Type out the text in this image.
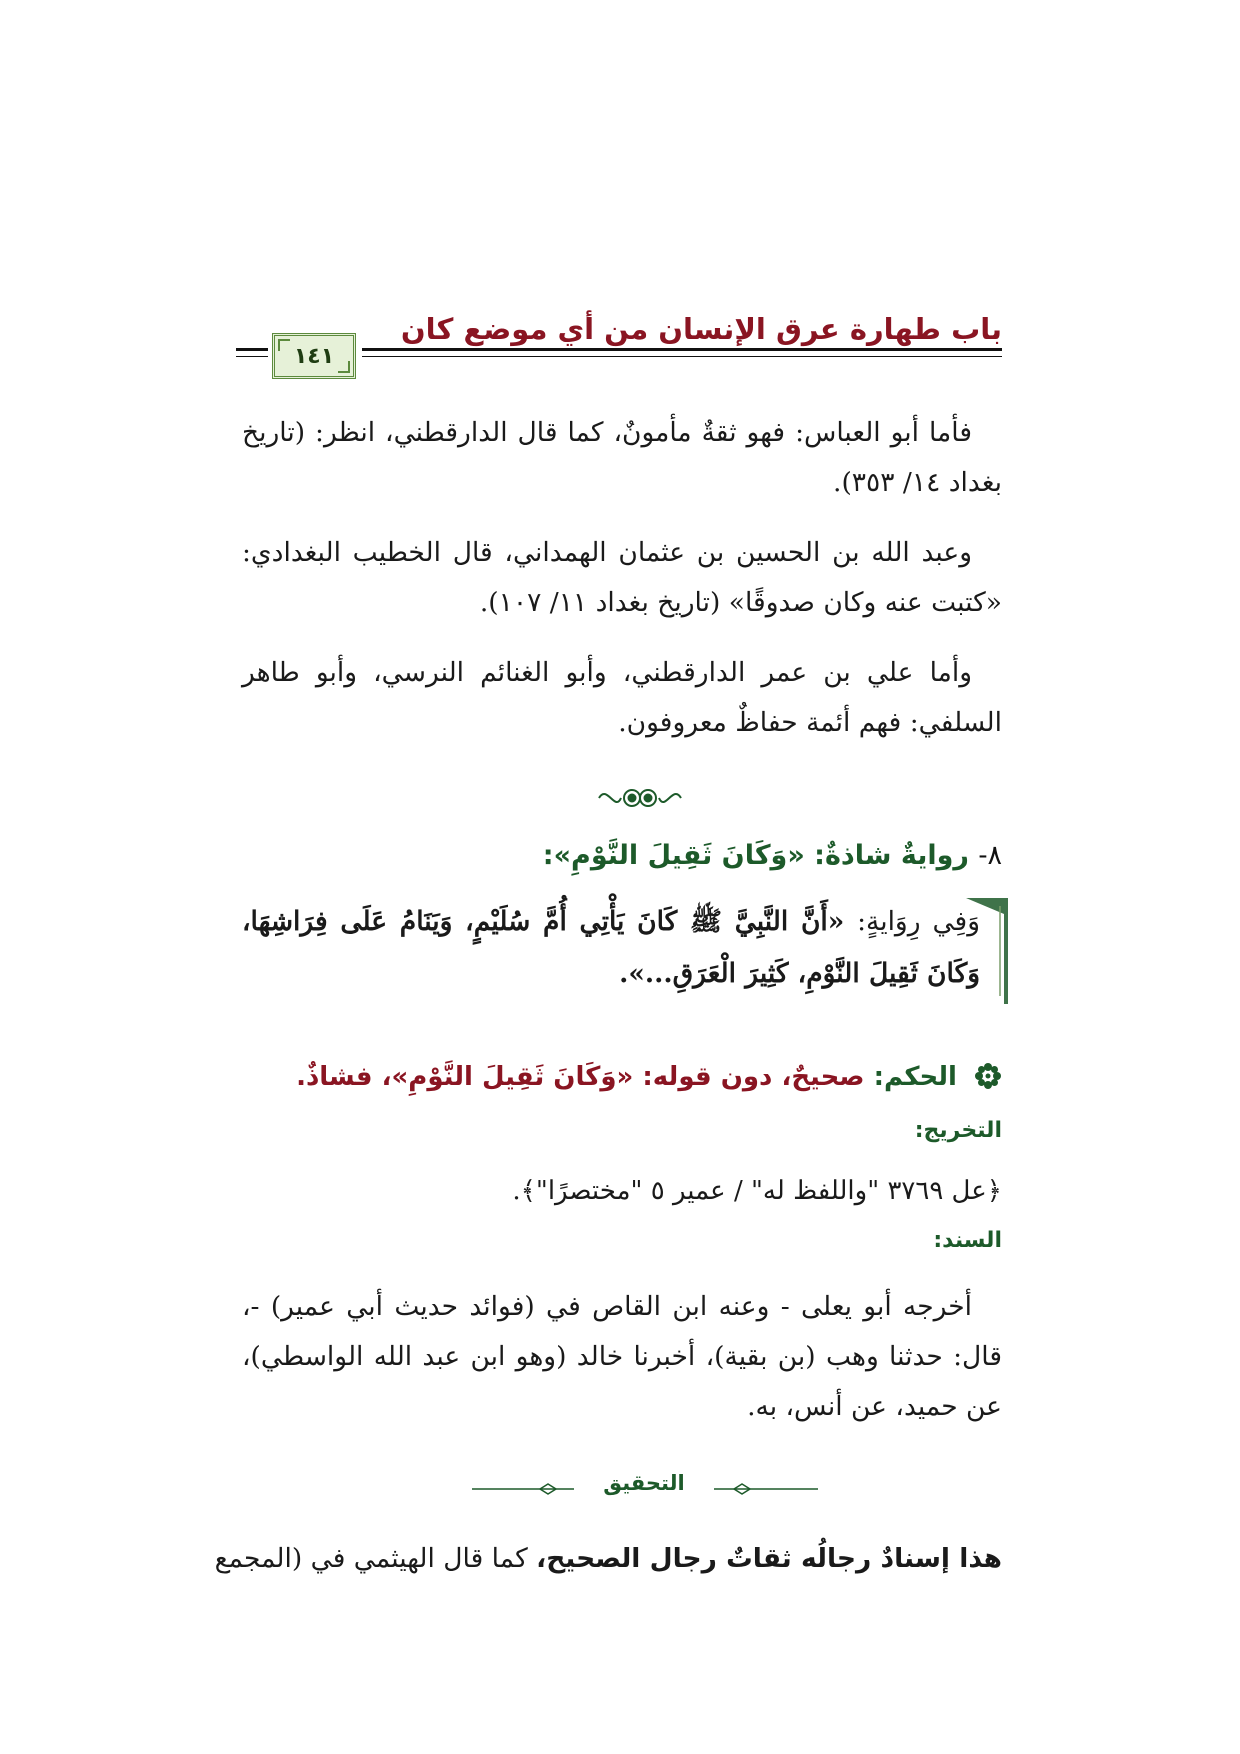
باب طهارة عرق الإنسان من أي موضع كان
١٤١
فأما أبو العباس: فهو ثقةٌ مأمونٌ، كما قال الدارقطني، انظر: (تاريخ بغداد ١٤/ ٣٥٣).
وعبد الله بن الحسين بن عثمان الهمداني، قال الخطيب البغدادي: «كتبت عنه وكان صدوقًا» (تاريخ بغداد ١١/ ١٠٧).
وأما علي بن عمر الدارقطني، وأبو الغنائم النرسي، وأبو طاهر السلفي: فهم أئمة حفاظٌ معروفون.
٨- روايةٌ شاذةٌ: «وَكَانَ ثَقِيلَ النَّوْمِ»:
وَفِي رِوَايةٍ: «أَنَّ النَّبِيَّ ﷺ كَانَ يَأْتِي أُمَّ سُلَيْمٍ، وَيَنَامُ عَلَى فِرَاشِهَا، وَكَانَ ثَقِيلَ النَّوْمِ، كَثِيرَ الْعَرَقِ...».
الحكم: صحيحٌ، دون قوله: «وَكَانَ ثَقِيلَ النَّوْمِ»، فشاذٌ.
التخريج:
﴿عل ٣٧٦٩ "واللفظ له" / عمير ٥ "مختصرًا"﴾.
السند:
أخرجه أبو يعلى - وعنه ابن القاص في (فوائد حديث أبي عمير) -، قال: حدثنا وهب (بن بقية)، أخبرنا خالد (وهو ابن عبد الله الواسطي)، عن حميد، عن أنس، به.
التحقيق
هذا إسنادٌ رجالُه ثقاتٌ رجال الصحيح، كما قال الهيثمي في (المجمع
